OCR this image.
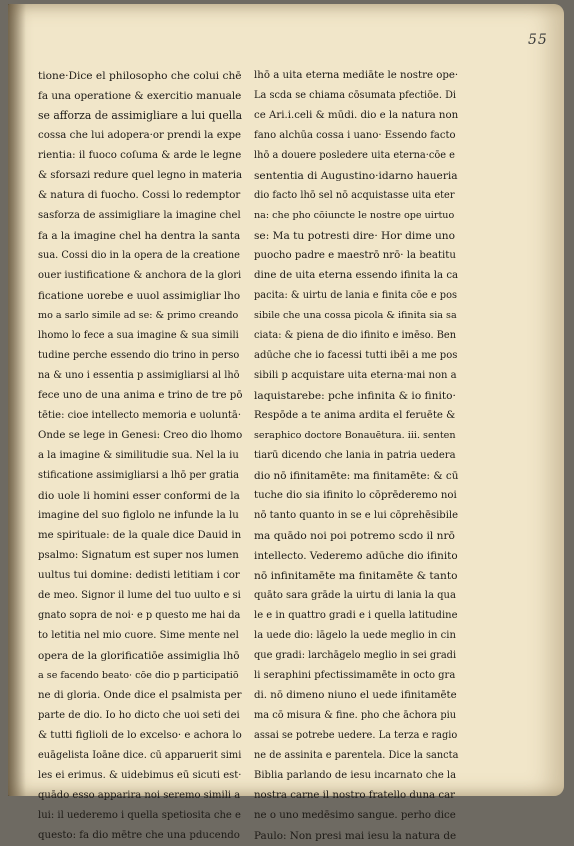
55
tione·Dice el philosopho che colui chē
fa una operatione & exercitio manuale
se afforza de assimigliare a lui quella
cossa che lui adopera·or prendi la expe
rientia: il fuoco coſuma & arde le legne
& sforsazi redure quel legno in materia
& natura di fuocho. Cossi lo redemptor
sasforza de assimigliare la imagine chel
fa a la imagine chel ha dentra la santa
sua. Cossi dio in la opera de la creatione
ouer iustificatione & anchora de la glori
ficatione uorebe e uuol assimigliar lho
mo a sarlo simile ad se: & primo creando
lhomo lo fece a sua imagine & sua simili
tudine perche essendo dio trino in perso
na & uno i essentia p assimigliarsi al lhō
fece uno de una anima e trino de tre pō
tētie: cioe intellecto memoria e uoluntā·
Onde se lege in Genesi: Creo dio lhomo
a la imagine & similitudie sua. Nel la iu
stificatione assimigliarsi a lhō per gratia
dio uole li homini esser conformi de la
imagine del suo figlolo ne infunde la lu
me spirituale: de la quale dice Dauid in
psalmo: Signatum est super nos lumen
uultus tui domine: dedisti letitiam i cor
de meo. Signor il lume del tuo uulto e si
gnato sopra de noi· e p questo me hai da
to letitia nel mio cuore. Sime mente nel
opera de la glorificatiōe assimiglia lhō
a se facendo beato· cōe dio p participatiō
ne di gloria. Onde dice el psalmista per
parte de dio. Io ho dicto che uoi seti dei
& tutti figlioli de lo excelso· e achora lo
euāgelista Ioāne dice. cū apparuerit simi
les ei erimus. & uidebimus eū sicuti est·
quādo esso apparira noi seremo simili a
lui: il uederemo i quella spetiosita che e
questo: fa dio mētre che una pducendo
lhō a uita eterna mediāte le nostre ope·
La scda se chiama cōsumata pfectiōe. Di
ce Ari.i.celi & mūdi. dio e la natura non
fano alchūa cossa i uano· Essendo facto
lhō a douere posledere uita eterna·cōe e
sententia di Augustino·idarno haueria
dio facto lhō sel nō acquistasse uita eter
na: che pho cōiuncte le nostre ope uirtuo
se: Ma tu potresti dire· Hor dime uno
puocho padre e maestrō nrō· la beatitu
dine de uita eterna essendo ifinita la ca
pacita: & uirtu de lania e finita cōe e pos
sibile che una cossa picola & ifinita sia sa
ciata: & piena de dio ifinito e imēso. Ben
adūche che io facessi tutti ibēi a me pos
sibili p acquistare uita eterna·mai non a
laquistarebe: pche infinita & io finito·
Respōde a te anima ardita el feruēte &
seraphico doctore Bonauētura. iii. senten
tiarū dicendo che lania in patria uedera
dio nō ifinitamēte: ma finitamēte: & cū
tuche dio sia ifinito lo cōprēderemo noi
nō tanto quanto in se e lui cōprehēsibile
ma quādo noi poi potremo scdo il nrō
intellecto. Vederemo adūche dio ifinito
nō infinitamēte ma finitamēte & tanto
quāto sara grāde la uirtu di lania la qua
le e in quattro gradi e i quella latitudine
la uede dio: lāgelo la uede meglio in cin
que gradi: larchāgelo meglio in sei gradi
li seraphini pfectissimamēte in octo gra
di. nō dimeno niuno el uede ifinitamēte
ma cō misura & fine. pho che āchora piu
assai se potrebe uedere. La terza e ragio
ne de assinita e parentela. Dice la sancta
Biblia parlando de iesu incarnato che la
nostra carne il nostro fratello duna car
ne o uno medēsimo sangue. perho dice
Paulo: Non presi mai iesu la natura de
